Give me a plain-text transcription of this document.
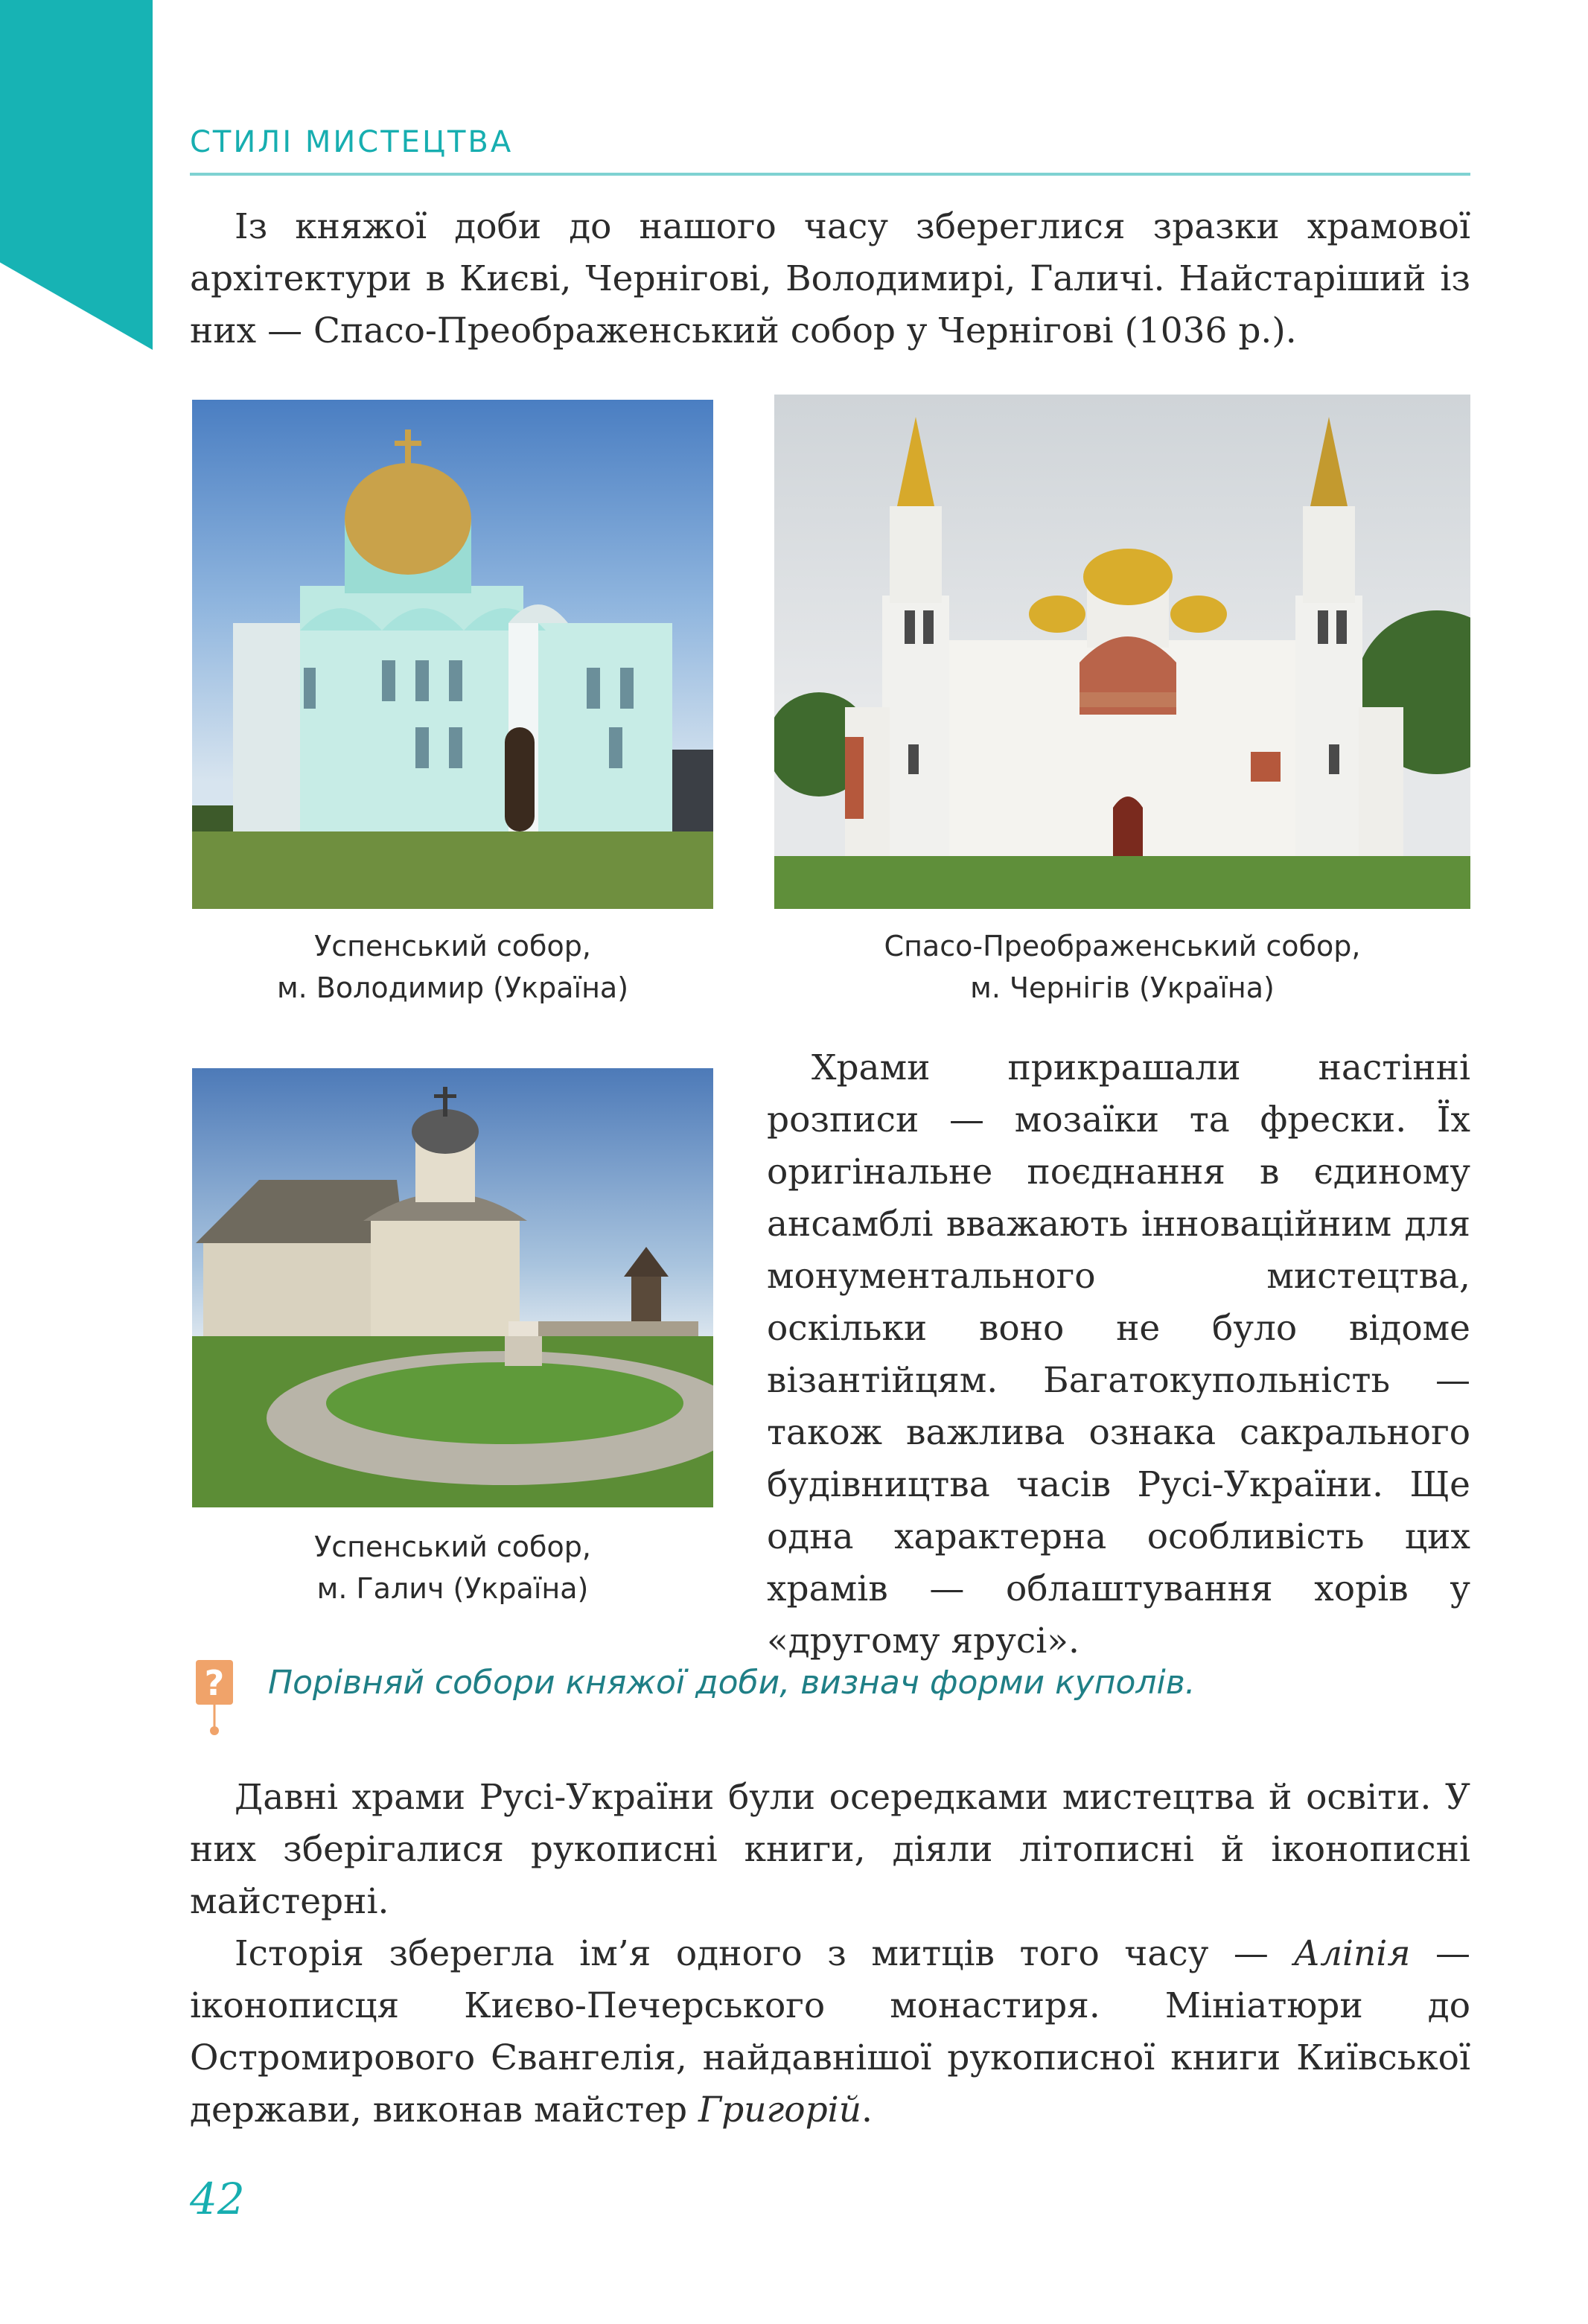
СТИЛІ МИСТЕЦТВА

Із княжої доби до нашого часу збереглися зразки храмової архітектури в Києві, Чернігові, Володимирі, Галичі. Найстаріший із них — Спасо-Преображенський собор у Чернігові (1036 р.).

Успенський собор,
м. Володимир (Україна)
Спасо-Преображенський собор,
м. Чернігів (Україна)
Успенський собор,
м. Галич (Україна)

Храми прикрашали настінні розписи — мозаїки та фрески. Їх оригінальне поєднання в єдиному ансамблі вважають інноваційним для монументального мистецтва, оскільки воно не було відоме візантійцям. Багатокупольність — також важлива ознака сакрального будівництва часів Русі-України. Ще одна характерна особливість цих храмів — облаштування хорів у «другому ярусі».

? Порівняй собори княжої доби, визнач форми куполів.

Давні храми Русі-України були осередками мистецтва й освіти. У них зберігалися рукописні книги, діяли літописні й іконописні майстерні.

Історія зберегла ім’я одного з митців того часу — Аліпія — іконописця Києво-Печерського монастиря. Мініатюри до Остромирового Євангелія, найдавнішої рукописної книги Київської держави, виконав майстер Григорій.

42
